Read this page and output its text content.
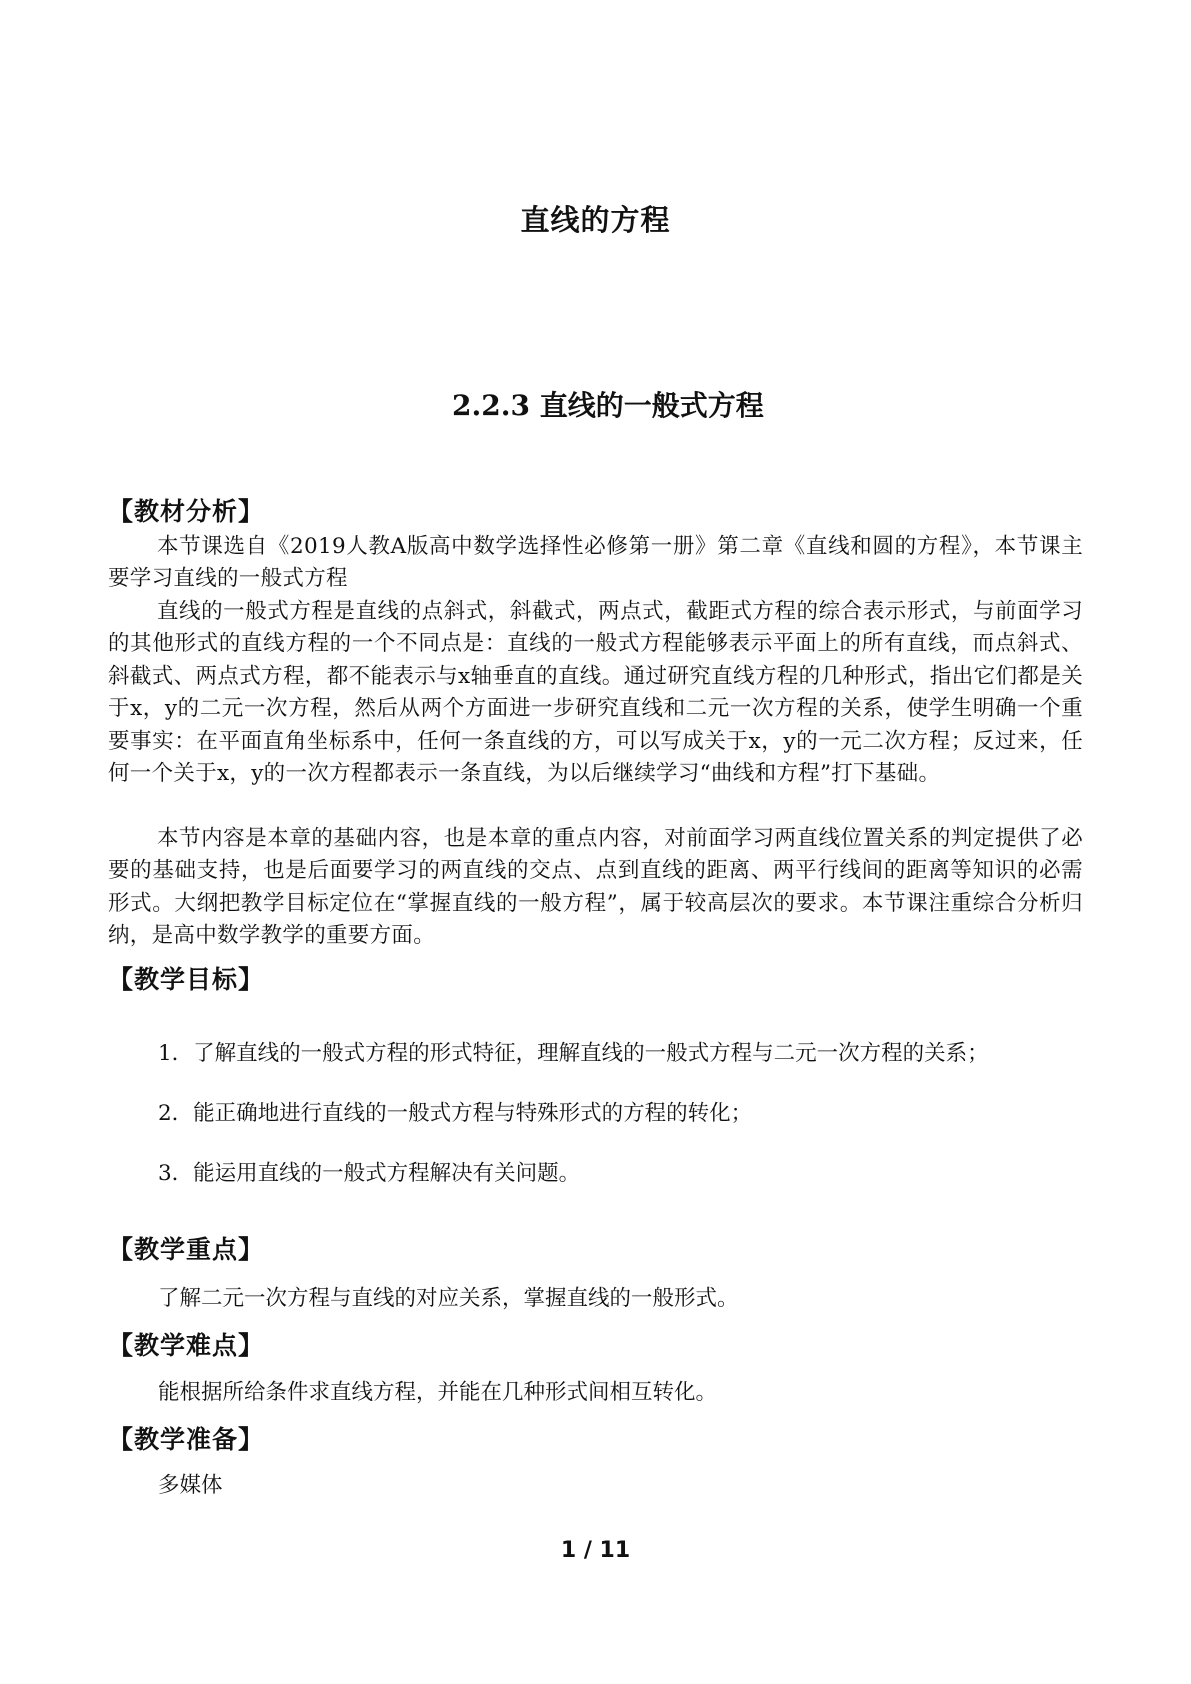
直线的方程
2.2.3 直线的一般式方程
【教材分析】
本节课选自《2019人教A版高中数学选择性必修第一册》第二章《直线和圆的方程》，本节课主要学习直线的一般式方程
直线的一般式方程是直线的点斜式，斜截式，两点式，截距式方程的综合表示形式，与前面学习的其他形式的直线方程的一个不同点是：直线的一般式方程能够表示平面上的所有直线，而点斜式、斜截式、两点式方程，都不能表示与x轴垂直的直线。通过研究直线方程的几种形式，指出它们都是关于x，y的二元一次方程，然后从两个方面进一步研究直线和二元一次方程的关系，使学生明确一个重要事实：在平面直角坐标系中，任何一条直线的方，可以写成关于x，y的一元二次方程；反过来，任何一个关于x，y的一次方程都表示一条直线，为以后继续学习“曲线和方程”打下基础。
本节内容是本章的基础内容，也是本章的重点内容，对前面学习两直线位置关系的判定提供了必要的基础支持，也是后面要学习的两直线的交点、点到直线的距离、两平行线间的距离等知识的必需形式。大纲把教学目标定位在“掌握直线的一般方程”，属于较高层次的要求。本节课注重综合分析归纳，是高中数学教学的重要方面。
【教学目标】
1．了解直线的一般式方程的形式特征，理解直线的一般式方程与二元一次方程的关系；
2．能正确地进行直线的一般式方程与特殊形式的方程的转化；
3．能运用直线的一般式方程解决有关问题。
【教学重点】
了解二元一次方程与直线的对应关系，掌握直线的一般形式。
【教学难点】
能根据所给条件求直线方程，并能在几种形式间相互转化。
【教学准备】
多媒体
1 / 11
